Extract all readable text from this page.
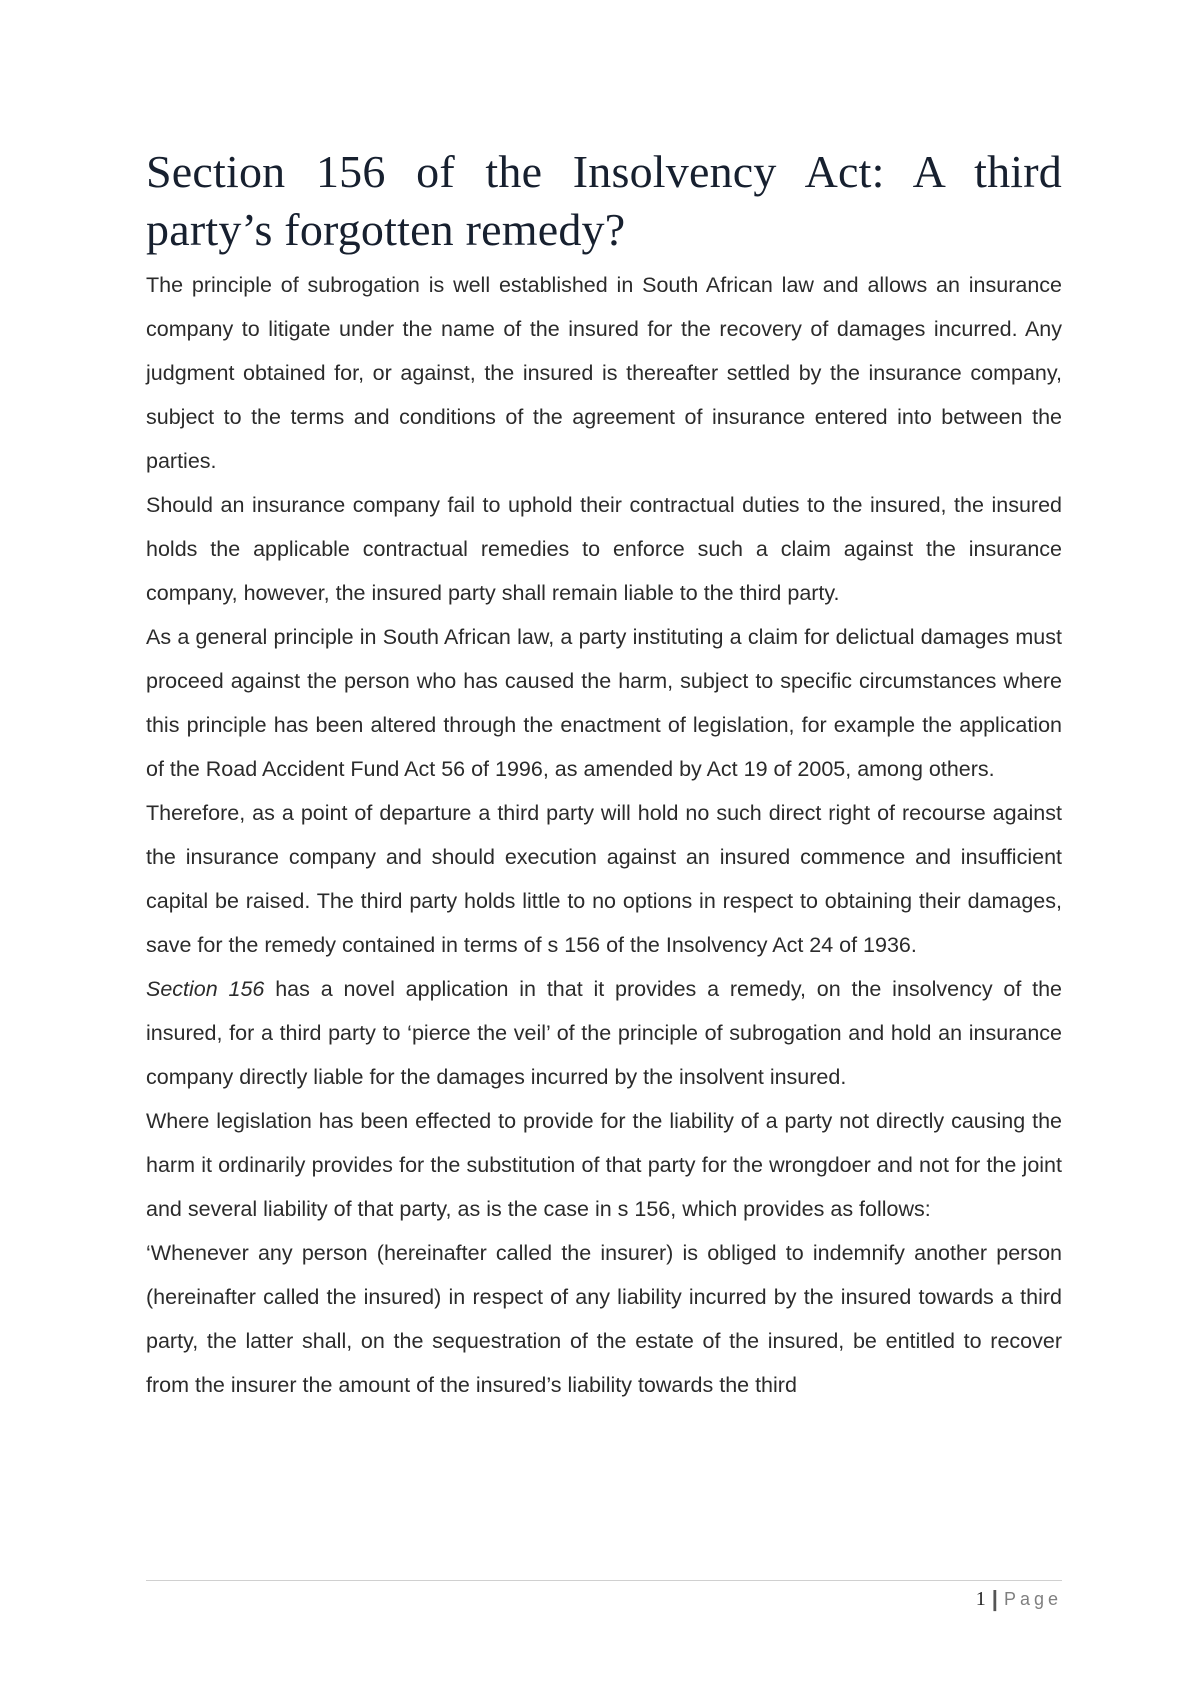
Section 156 of the Insolvency Act: A third party’s forgotten remedy?

The principle of subrogation is well established in South African law and allows an insurance company to litigate under the name of the insured for the recovery of damages incurred. Any judgment obtained for, or against, the insured is thereafter settled by the insurance company, subject to the terms and conditions of the agreement of insurance entered into between the parties.

Should an insurance company fail to uphold their contractual duties to the insured, the insured holds the applicable contractual remedies to enforce such a claim against the insurance company, however, the insured party shall remain liable to the third party.

As a general principle in South African law, a party instituting a claim for delictual damages must proceed against the person who has caused the harm, subject to specific circumstances where this principle has been altered through the enactment of legislation, for example the application of the Road Accident Fund Act 56 of 1996, as amended by Act 19 of 2005, among others.

Therefore, as a point of departure a third party will hold no such direct right of recourse against the insurance company and should execution against an insured commence and insufficient capital be raised. The third party holds little to no options in respect to obtaining their damages, save for the remedy contained in terms of s 156 of the Insolvency Act 24 of 1936.

Section 156 has a novel application in that it provides a remedy, on the insolvency of the insured, for a third party to ‘pierce the veil’ of the principle of subrogation and hold an insurance company directly liable for the damages incurred by the insolvent insured.

Where legislation has been effected to provide for the liability of a party not directly causing the harm it ordinarily provides for the substitution of that party for the wrongdoer and not for the joint and several liability of that party, as is the case in s 156, which provides as follows:

‘Whenever any person (hereinafter called the insurer) is obliged to indemnify another person (hereinafter called the insured) in respect of any liability incurred by the insured towards a third party, the latter shall, on the sequestration of the estate of the insured, be entitled to recover from the insurer the amount of the insured’s liability towards the third

1 | Page
